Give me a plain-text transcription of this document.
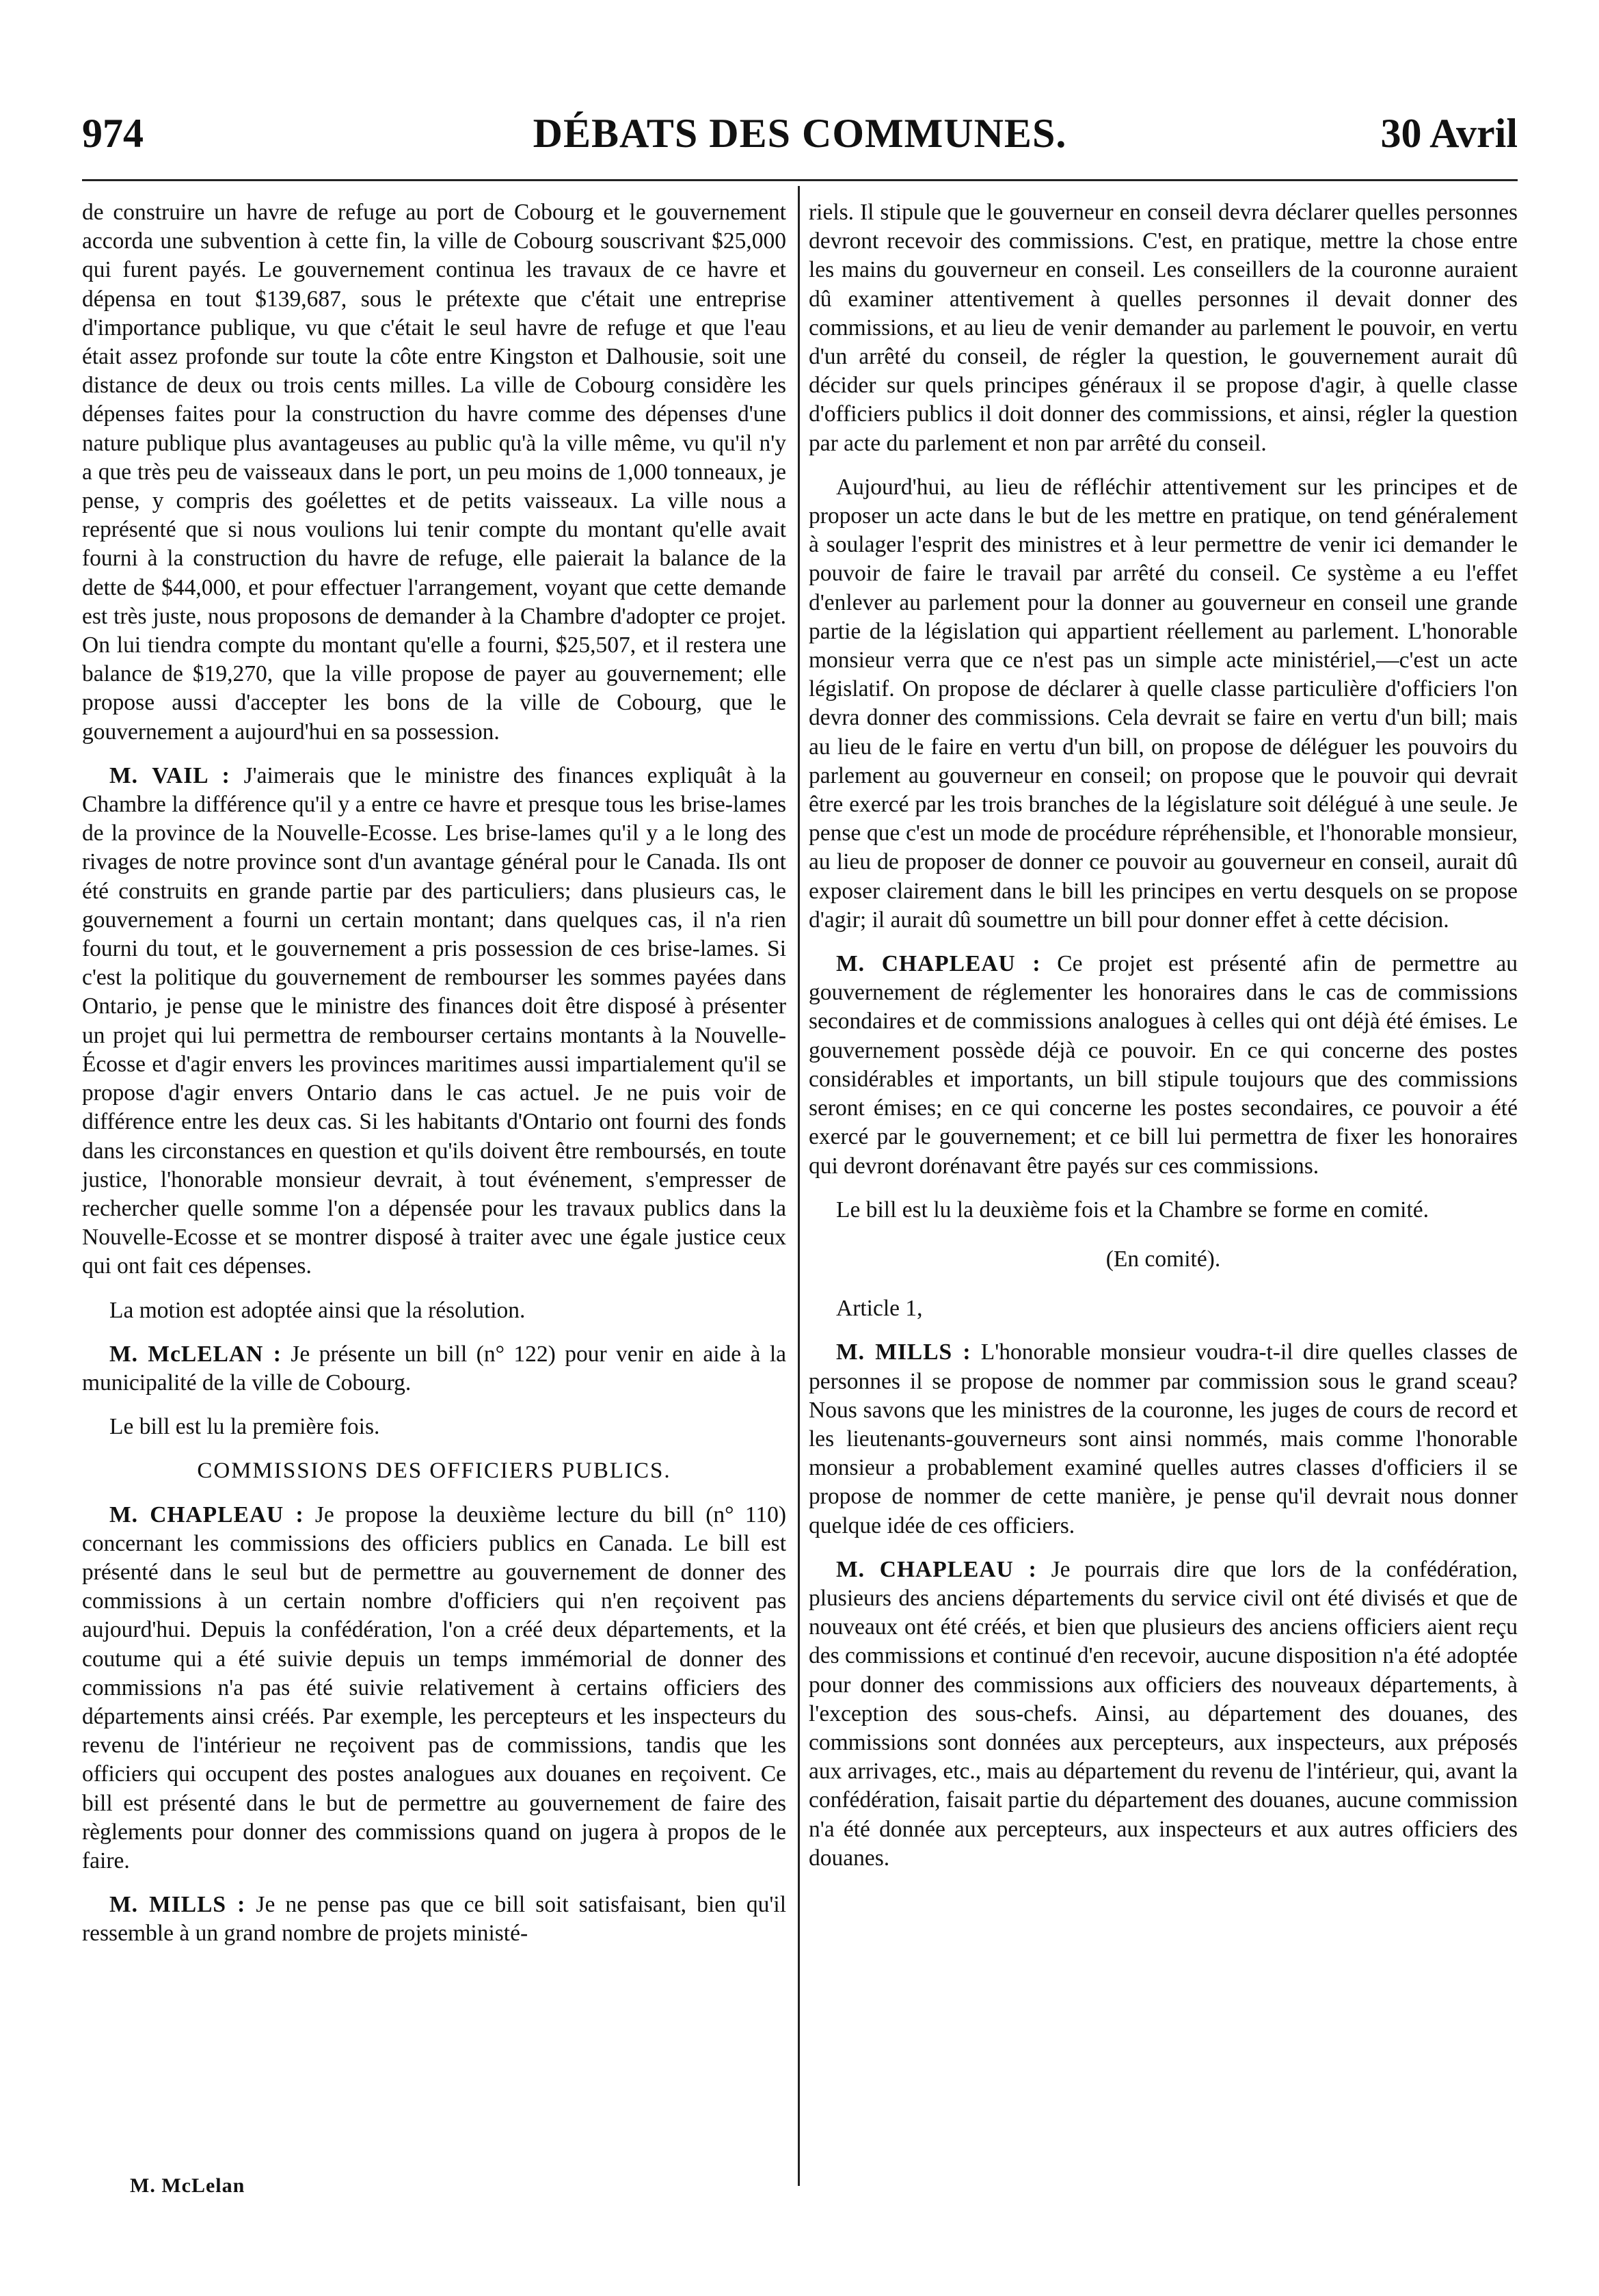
974	DÉBATS DES COMMUNES.	30 Avril

de construire un havre de refuge au port de Cobourg et le gouvernement accorda une subvention à cette fin, la ville de Cobourg souscrivant $25,000 qui furent payés. Le gouvernement continua les travaux de ce havre et dépensa en tout $139,687, sous le prétexte que c'était une entreprise d'importance publique, vu que c'était le seul havre de refuge et que l'eau était assez profonde sur toute la côte entre Kingston et Dalhousie, soit une distance de deux ou trois cents milles. La ville de Cobourg considère les dépenses faites pour la construction du havre comme des dépenses d'une nature publique plus avantageuses au public qu'à la ville même, vu qu'il n'y a que très peu de vaisseaux dans le port, un peu moins de 1,000 tonneaux, je pense, y compris des goélettes et de petits vaisseaux. La ville nous a représenté que si nous voulions lui tenir compte du montant qu'elle avait fourni à la construction du havre de refuge, elle paierait la balance de la dette de $44,000, et pour effectuer l'arrangement, voyant que cette demande est très juste, nous proposons de demander à la Chambre d'adopter ce projet. On lui tiendra compte du montant qu'elle a fourni, $25,507, et il restera une balance de $19,270, que la ville propose de payer au gouvernement; elle propose aussi d'accepter les bons de la ville de Cobourg, que le gouvernement a aujourd'hui en sa possession.

M. VAIL : J'aimerais que le ministre des finances expliquât à la Chambre la différence qu'il y a entre ce havre et presque tous les brise-lames de la province de la Nouvelle-Ecosse. Les brise-lames qu'il y a le long des rivages de notre province sont d'un avantage général pour le Canada. Ils ont été construits en grande partie par des particuliers; dans plusieurs cas, le gouvernement a fourni un certain montant; dans quelques cas, il n'a rien fourni du tout, et le gouvernement a pris possession de ces brise-lames. Si c'est la politique du gouvernement de rembourser les sommes payées dans Ontario, je pense que le ministre des finances doit être disposé à présenter un projet qui lui permettra de rembourser certains montants à la Nouvelle-Écosse et d'agir envers les provinces maritimes aussi impartialement qu'il se propose d'agir envers Ontario dans le cas actuel. Je ne puis voir de différence entre les deux cas. Si les habitants d'Ontario ont fourni des fonds dans les circonstances en question et qu'ils doivent être remboursés, en toute justice, l'honorable monsieur devrait, à tout événement, s'empresser de rechercher quelle somme l'on a dépensée pour les travaux publics dans la Nouvelle-Ecosse et se montrer disposé à traiter avec une égale justice ceux qui ont fait ces dépenses.

La motion est adoptée ainsi que la résolution.

M. McLELAN : Je présente un bill (n° 122) pour venir en aide à la municipalité de la ville de Cobourg.

Le bill est lu la première fois.

COMMISSIONS DES OFFICIERS PUBLICS.

M. CHAPLEAU : Je propose la deuxième lecture du bill (n° 110) concernant les commissions des officiers publics en Canada. Le bill est présenté dans le seul but de permettre au gouvernement de donner des commissions à un certain nombre d'officiers qui n'en reçoivent pas aujourd'hui. Depuis la confédération, l'on a créé deux départements, et la coutume qui a été suivie depuis un temps immémorial de donner des commissions n'a pas été suivie relativement à certains officiers des départements ainsi créés. Par exemple, les percepteurs et les inspecteurs du revenu de l'intérieur ne reçoivent pas de commissions, tandis que les officiers qui occupent des postes analogues aux douanes en reçoivent. Ce bill est présenté dans le but de permettre au gouvernement de faire des règlements pour donner des commissions quand on jugera à propos de le faire.

M. MILLS : Je ne pense pas que ce bill soit satisfaisant, bien qu'il ressemble à un grand nombre de projets ministé-

riels. Il stipule que le gouverneur en conseil devra déclarer quelles personnes devront recevoir des commissions. C'est, en pratique, mettre la chose entre les mains du gouverneur en conseil. Les conseillers de la couronne auraient dû examiner attentivement à quelles personnes il devait donner des commissions, et au lieu de venir demander au parlement le pouvoir, en vertu d'un arrêté du conseil, de régler la question, le gouvernement aurait dû décider sur quels principes généraux il se propose d'agir, à quelle classe d'officiers publics il doit donner des commissions, et ainsi, régler la question par acte du parlement et non par arrêté du conseil.

Aujourd'hui, au lieu de réfléchir attentivement sur les principes et de proposer un acte dans le but de les mettre en pratique, on tend généralement à soulager l'esprit des ministres et à leur permettre de venir ici demander le pouvoir de faire le travail par arrêté du conseil. Ce système a eu l'effet d'enlever au parlement pour la donner au gouverneur en conseil une grande partie de la législation qui appartient réellement au parlement. L'honorable monsieur verra que ce n'est pas un simple acte ministériel,—c'est un acte législatif. On propose de déclarer à quelle classe particulière d'officiers l'on devra donner des commissions. Cela devrait se faire en vertu d'un bill; mais au lieu de le faire en vertu d'un bill, on propose de déléguer les pouvoirs du parlement au gouverneur en conseil; on propose que le pouvoir qui devrait être exercé par les trois branches de la législature soit délégué à une seule. Je pense que c'est un mode de procédure répréhensible, et l'honorable monsieur, au lieu de proposer de donner ce pouvoir au gouverneur en conseil, aurait dû exposer clairement dans le bill les principes en vertu desquels on se propose d'agir; il aurait dû soumettre un bill pour donner effet à cette décision.

M. CHAPLEAU : Ce projet est présenté afin de permettre au gouvernement de réglementer les honoraires dans le cas de commissions secondaires et de commissions analogues à celles qui ont déjà été émises. Le gouvernement possède déjà ce pouvoir. En ce qui concerne des postes considérables et importants, un bill stipule toujours que des commissions seront émises; en ce qui concerne les postes secondaires, ce pouvoir a été exercé par le gouvernement; et ce bill lui permettra de fixer les honoraires qui devront dorénavant être payés sur ces commissions.

Le bill est lu la deuxième fois et la Chambre se forme en comité.

(En comité).
Article 1,

M. MILLS : L'honorable monsieur voudra-t-il dire quelles classes de personnes il se propose de nommer par commission sous le grand sceau? Nous savons que les ministres de la couronne, les juges de cours de record et les lieutenants-gouverneurs sont ainsi nommés, mais comme l'honorable monsieur a probablement examiné quelles autres classes d'officiers il se propose de nommer de cette manière, je pense qu'il devrait nous donner quelque idée de ces officiers.

M. CHAPLEAU : Je pourrais dire que lors de la confédération, plusieurs des anciens départements du service civil ont été divisés et que de nouveaux ont été créés, et bien que plusieurs des anciens officiers aient reçu des commissions et continué d'en recevoir, aucune disposition n'a été adoptée pour donner des commissions aux officiers des nouveaux départements, à l'exception des sous-chefs. Ainsi, au département des douanes, des commissions sont données aux percepteurs, aux inspecteurs, aux préposés aux arrivages, etc., mais au département du revenu de l'intérieur, qui, avant la confédération, faisait partie du département des douanes, aucune commission n'a été donnée aux percepteurs, aux inspecteurs et aux autres officiers des douanes.

M. McLelan
